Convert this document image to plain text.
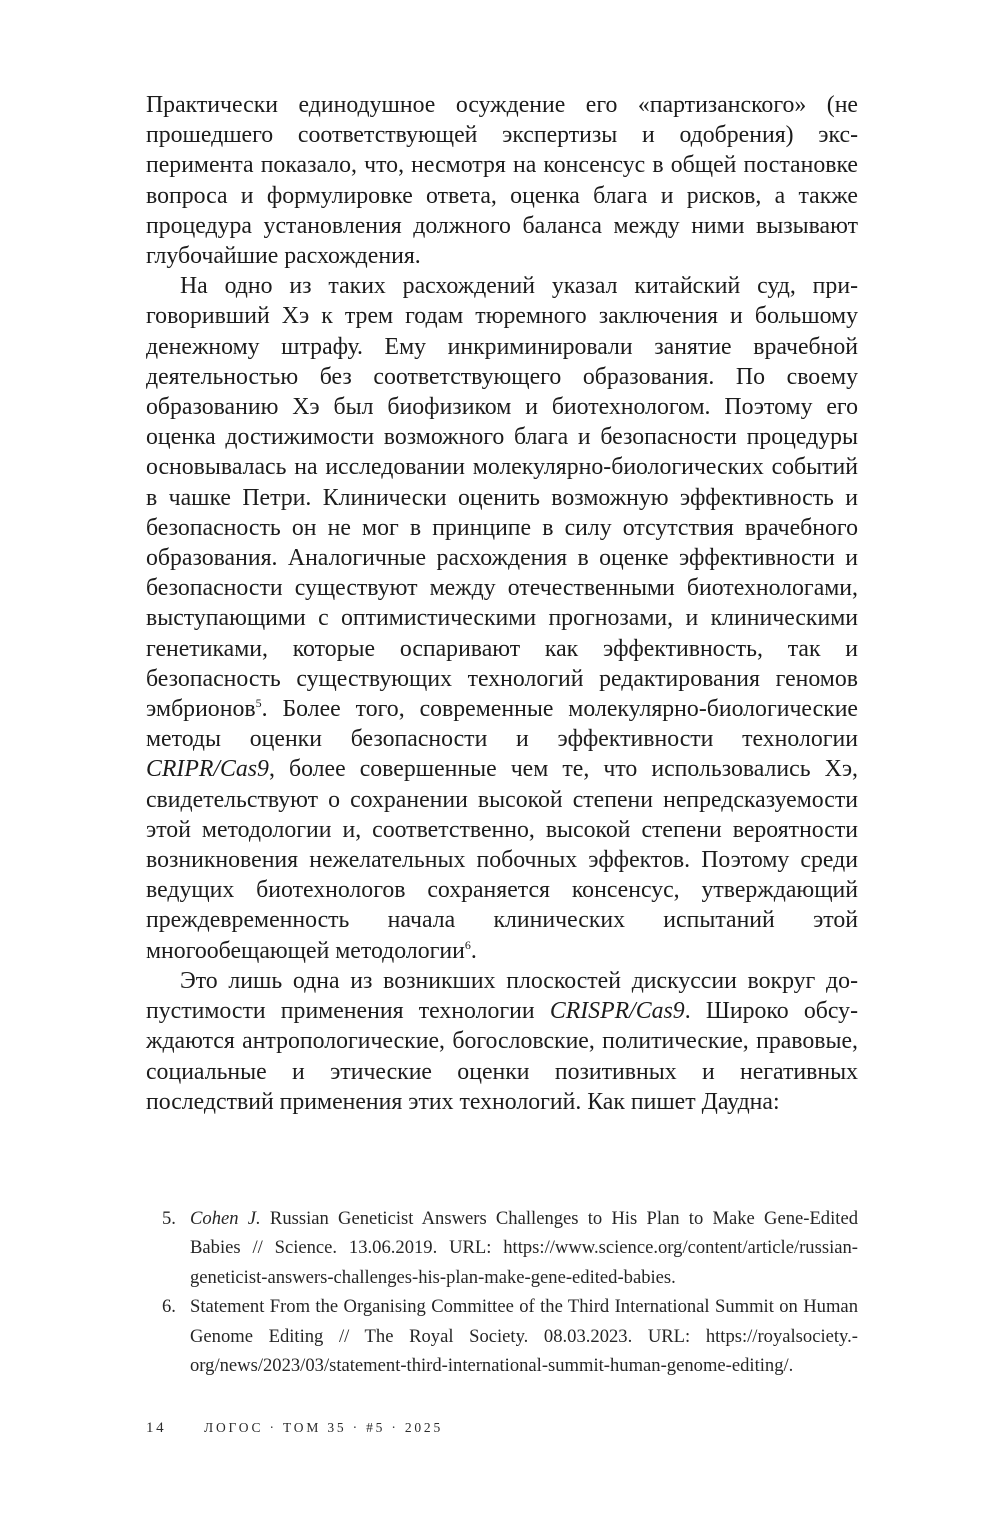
Практически единодушное осуждение его «партизанского» (не прошедшего соответствующей экспертизы и одобрения) эксперимента показало, что, несмотря на консенсус в общей постановке вопроса и формулировке ответа, оценка блага и рисков, а также процедура установления должного баланса между ними вызывают глубочайшие расхождения.

На одно из таких расхождений указал китайский суд, приговоривший Хэ к трем годам тюремного заключения и большому денежному штрафу. Ему инкриминировали занятие врачебной деятельностью без соответствующего образования. По своему образованию Хэ был биофизиком и биотехнологом. Поэтому его оценка достижимости возможного блага и безопасности процедуры основывалась на исследовании молекулярно-биологических событий в чашке Петри. Клинически оценить возможную эффективность и безопасность он не мог в принципе в силу отсутствия врачебного образования. Аналогичные расхождения в оценке эффективности и безопасности существуют между отечественными биотехнологами, выступающими с оптимистическими прогнозами, и клиническими генетиками, которые оспаривают как эффективность, так и безопасность существующих технологий редактирования геномов эмбрионов$^5$. Более того, современные молекулярно-биологические методы оценки безопасности и эффективности технологии CRIPR/Cas9, более совершенные чем те, что использовались Хэ, свидетельствуют о сохранении высокой степени непредсказуемости этой методологии и, соответственно, высокой степени вероятности возникновения нежелательных побочных эффектов. Поэтому среди ведущих биотехнологов сохраняется консенсус, утверждающий преждевременность начала клинических испытаний этой многообещающей методологии$^6$.

Это лишь одна из возникших плоскостей дискуссии вокруг допустимости применения технологии CRISPR/Cas9. Широко обсуждаются антропологические, богословские, политические, правовые, социальные и этические оценки позитивных и негативных последствий применения этих технологий. Как пишет Даудна:

5. Cohen J. Russian Geneticist Answers Challenges to His Plan to Make Gene-Edited Babies // Science. 13.06.2019. URL: https://www.science.org/content/article/russian-geneticist-answers-challenges-his-plan-make-gene-edited-babies.

6. Statement From the Organising Committee of the Third International Summit on Human Genome Editing // The Royal Society. 08.03.2023. URL: https://royalsociety.org/news/2023/03/statement-third-international-summit-human-genome-editing/.

14	ЛОГОС · ТОМ 35 · #5 · 2025
